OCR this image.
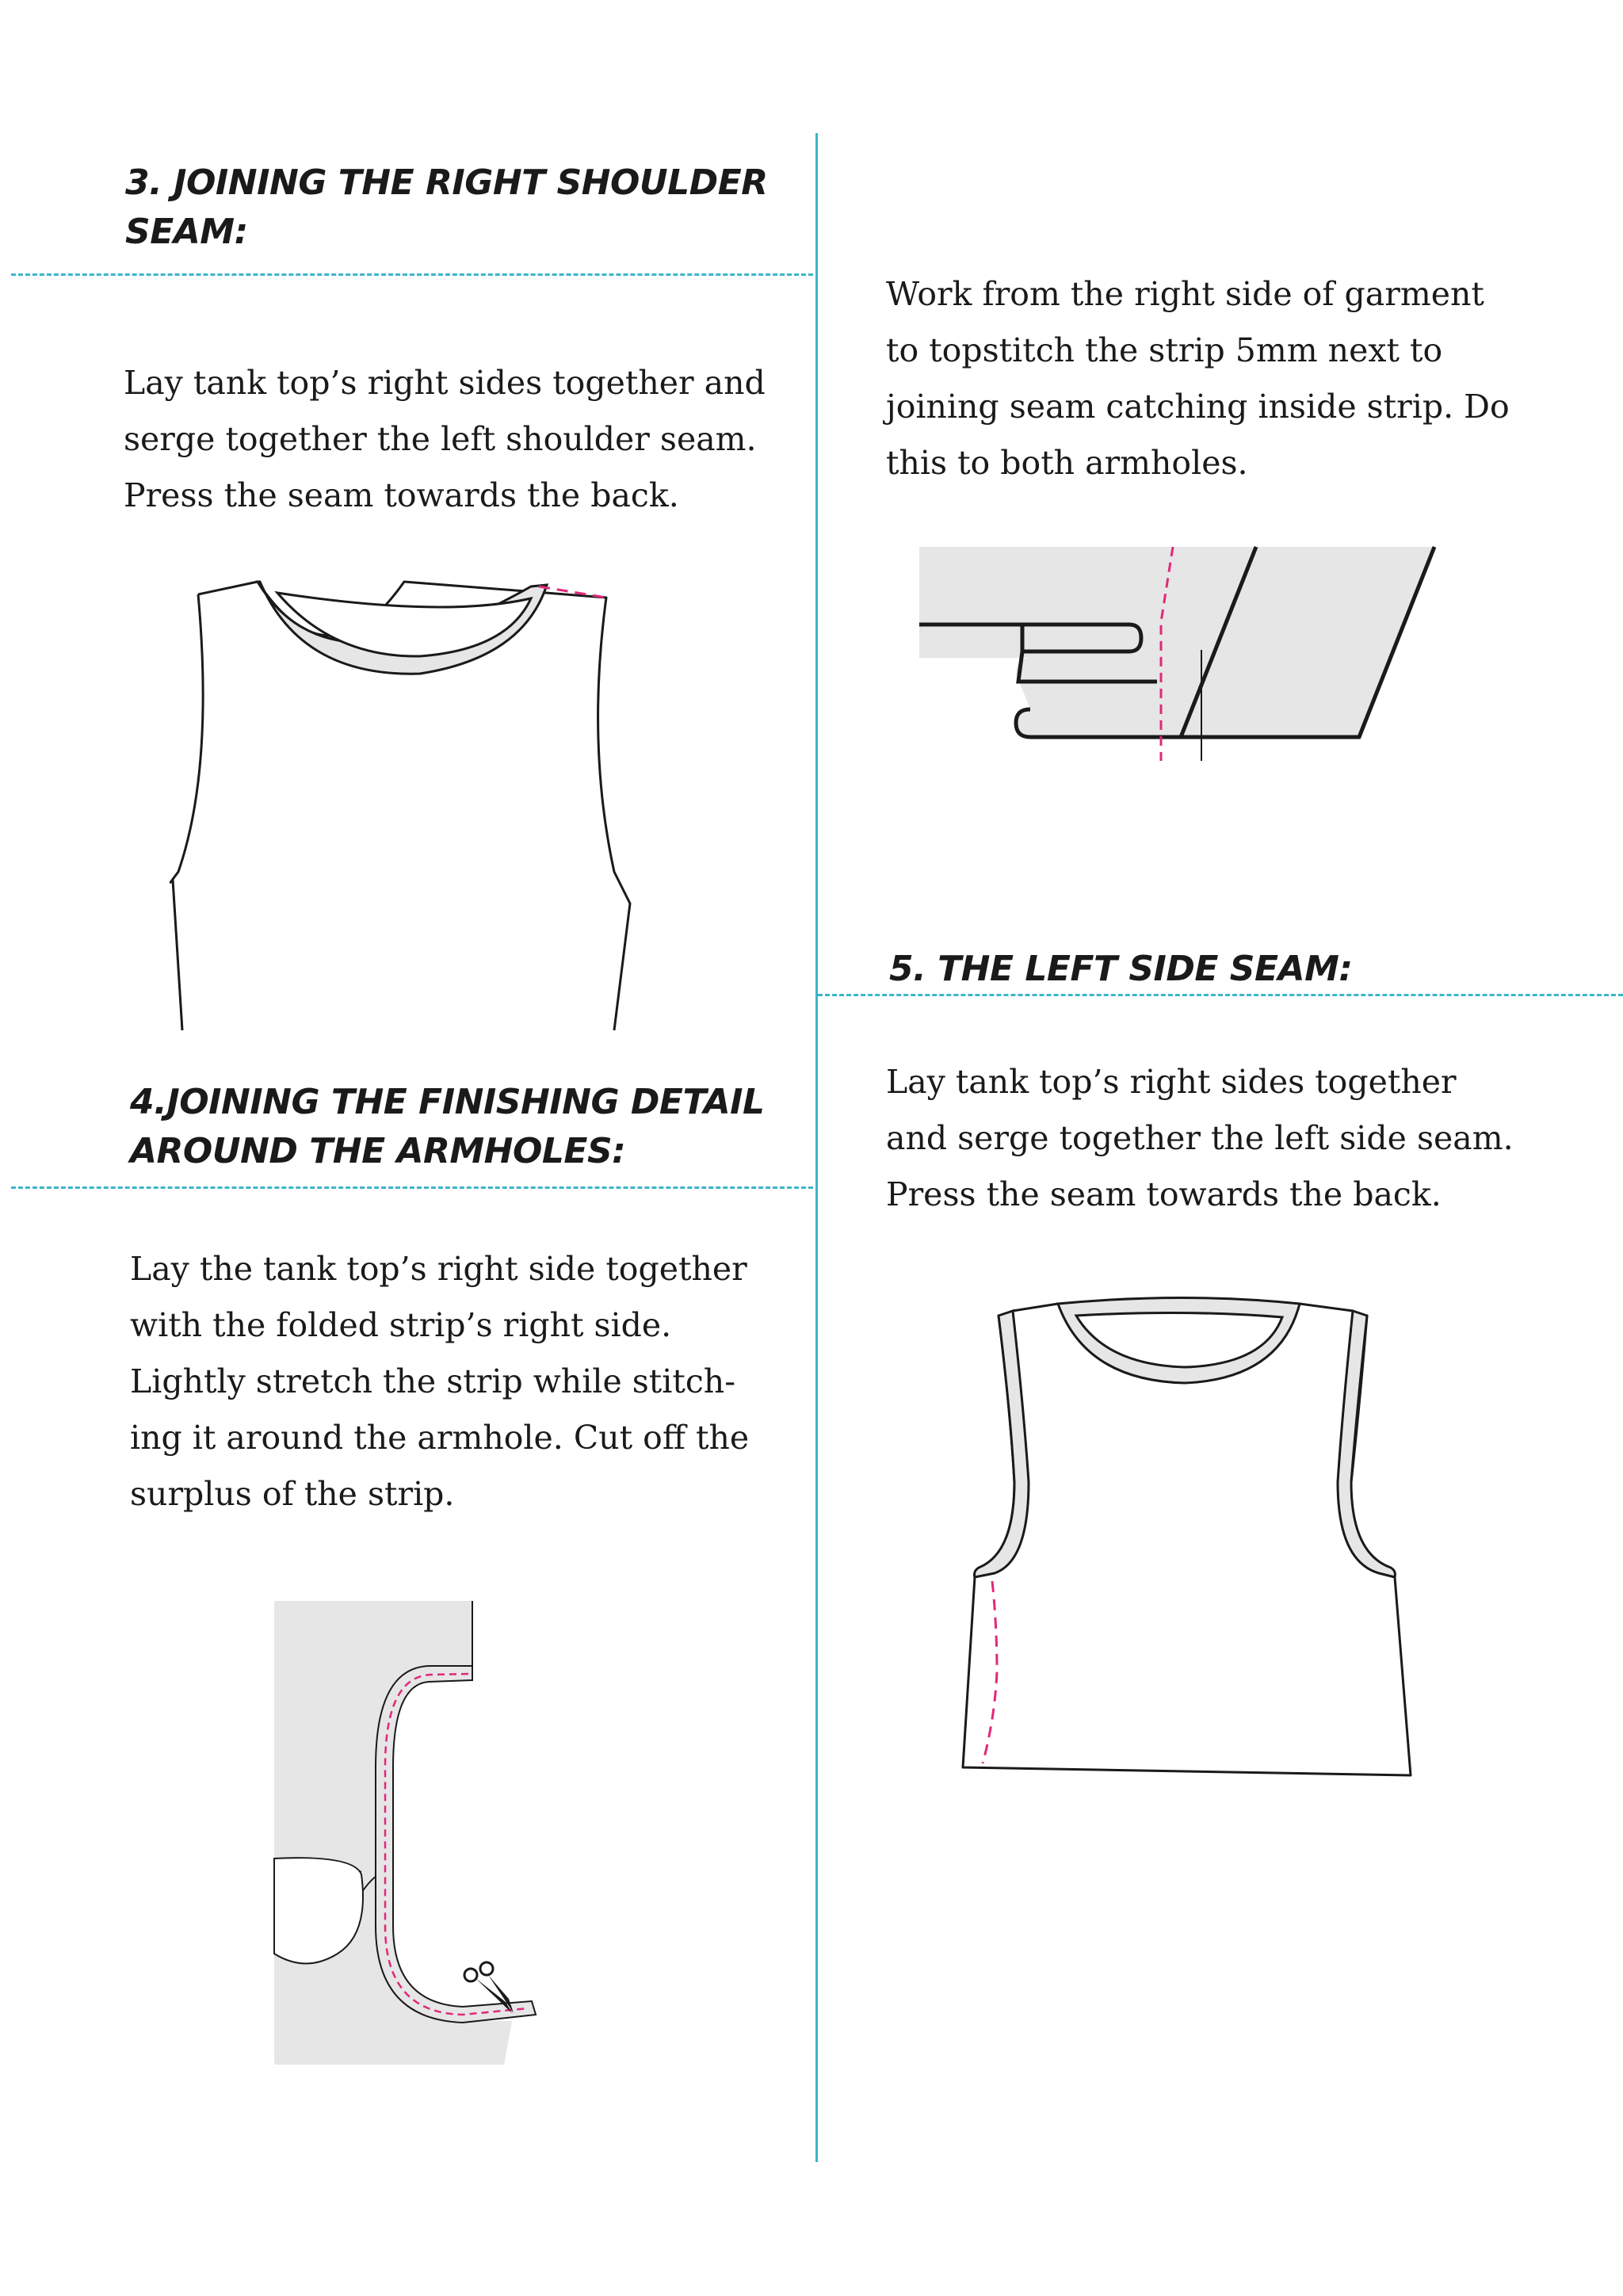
3. JOINING THE RIGHT SHOULDER
SEAM:

Lay tank top’s right sides together and
serge together the left shoulder seam.
Press the seam towards the back.

Work from the right side of garment
to topstitch the strip 5mm next to
joining seam catching inside strip. Do
this to both armholes.

4.JOINING THE FINISHING DETAIL
AROUND THE ARMHOLES:

Lay the tank top’s right side together
with the folded strip’s right side.
Lightly stretch the strip while stitch-
ing it around the armhole. Cut off the
surplus of the strip.

5. THE LEFT SIDE SEAM:

Lay tank top’s right sides together
and serge together the left side seam.
Press the seam towards the back.
